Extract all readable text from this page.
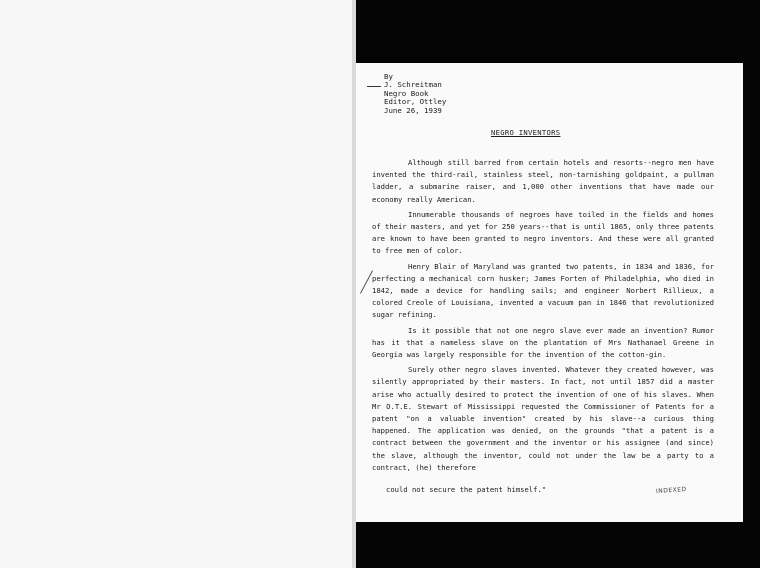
By
J. Schreitman
Negro Book
Editor, Ottley
June 26, 1939
NEGRO INVENTORS

Although still barred from certain hotels and resorts--negro men have invented the third-rail, stainless steel, non-tarnishing goldpaint, a pullman ladder, a submarine raiser, and 1,000 other inventions that have made our economy really American.

Innumerable thousands of negroes have toiled in the fields and homes of their masters, and yet for 250 years--that is until 1865, only three patents are known to have been granted to negro inventors. And these were all granted to free men of color.

Henry Blair of Maryland was granted two patents, in 1834 and 1836, for perfecting a mechanical corn husker; James Forten of Philadelphia, who died in 1842, made a device for handling sails; and engineer Norbert Rillieux, a colored Creole of Louisiana, invented a vacuum pan in 1846 that revolutionized sugar refining.

Is it possible that not one negro slave ever made an invention? Rumor has it that a nameless slave on the plantation of Mrs Nathanael Greene in Georgia was largely responsible for the invention of the cotton-gin.

Surely other negro slaves invented. Whatever they created however, was silently appropriated by their masters. In fact, not until 1857 did a master arise who actually desired to protect the invention of one of his slaves. When Mr O.T.E. Stewart of Mississippi requested the Commissioner of Patents for a patent "on a valuable invention" created by his slave--a curious thing happened. The application was denied, on the grounds "that a patent is a contract between the government and the inventor or his assignee (and since) the slave, although the inventor, could not under the law be a party to a contract, (he) therefore

could not secure the patent himself."	INDEXED
